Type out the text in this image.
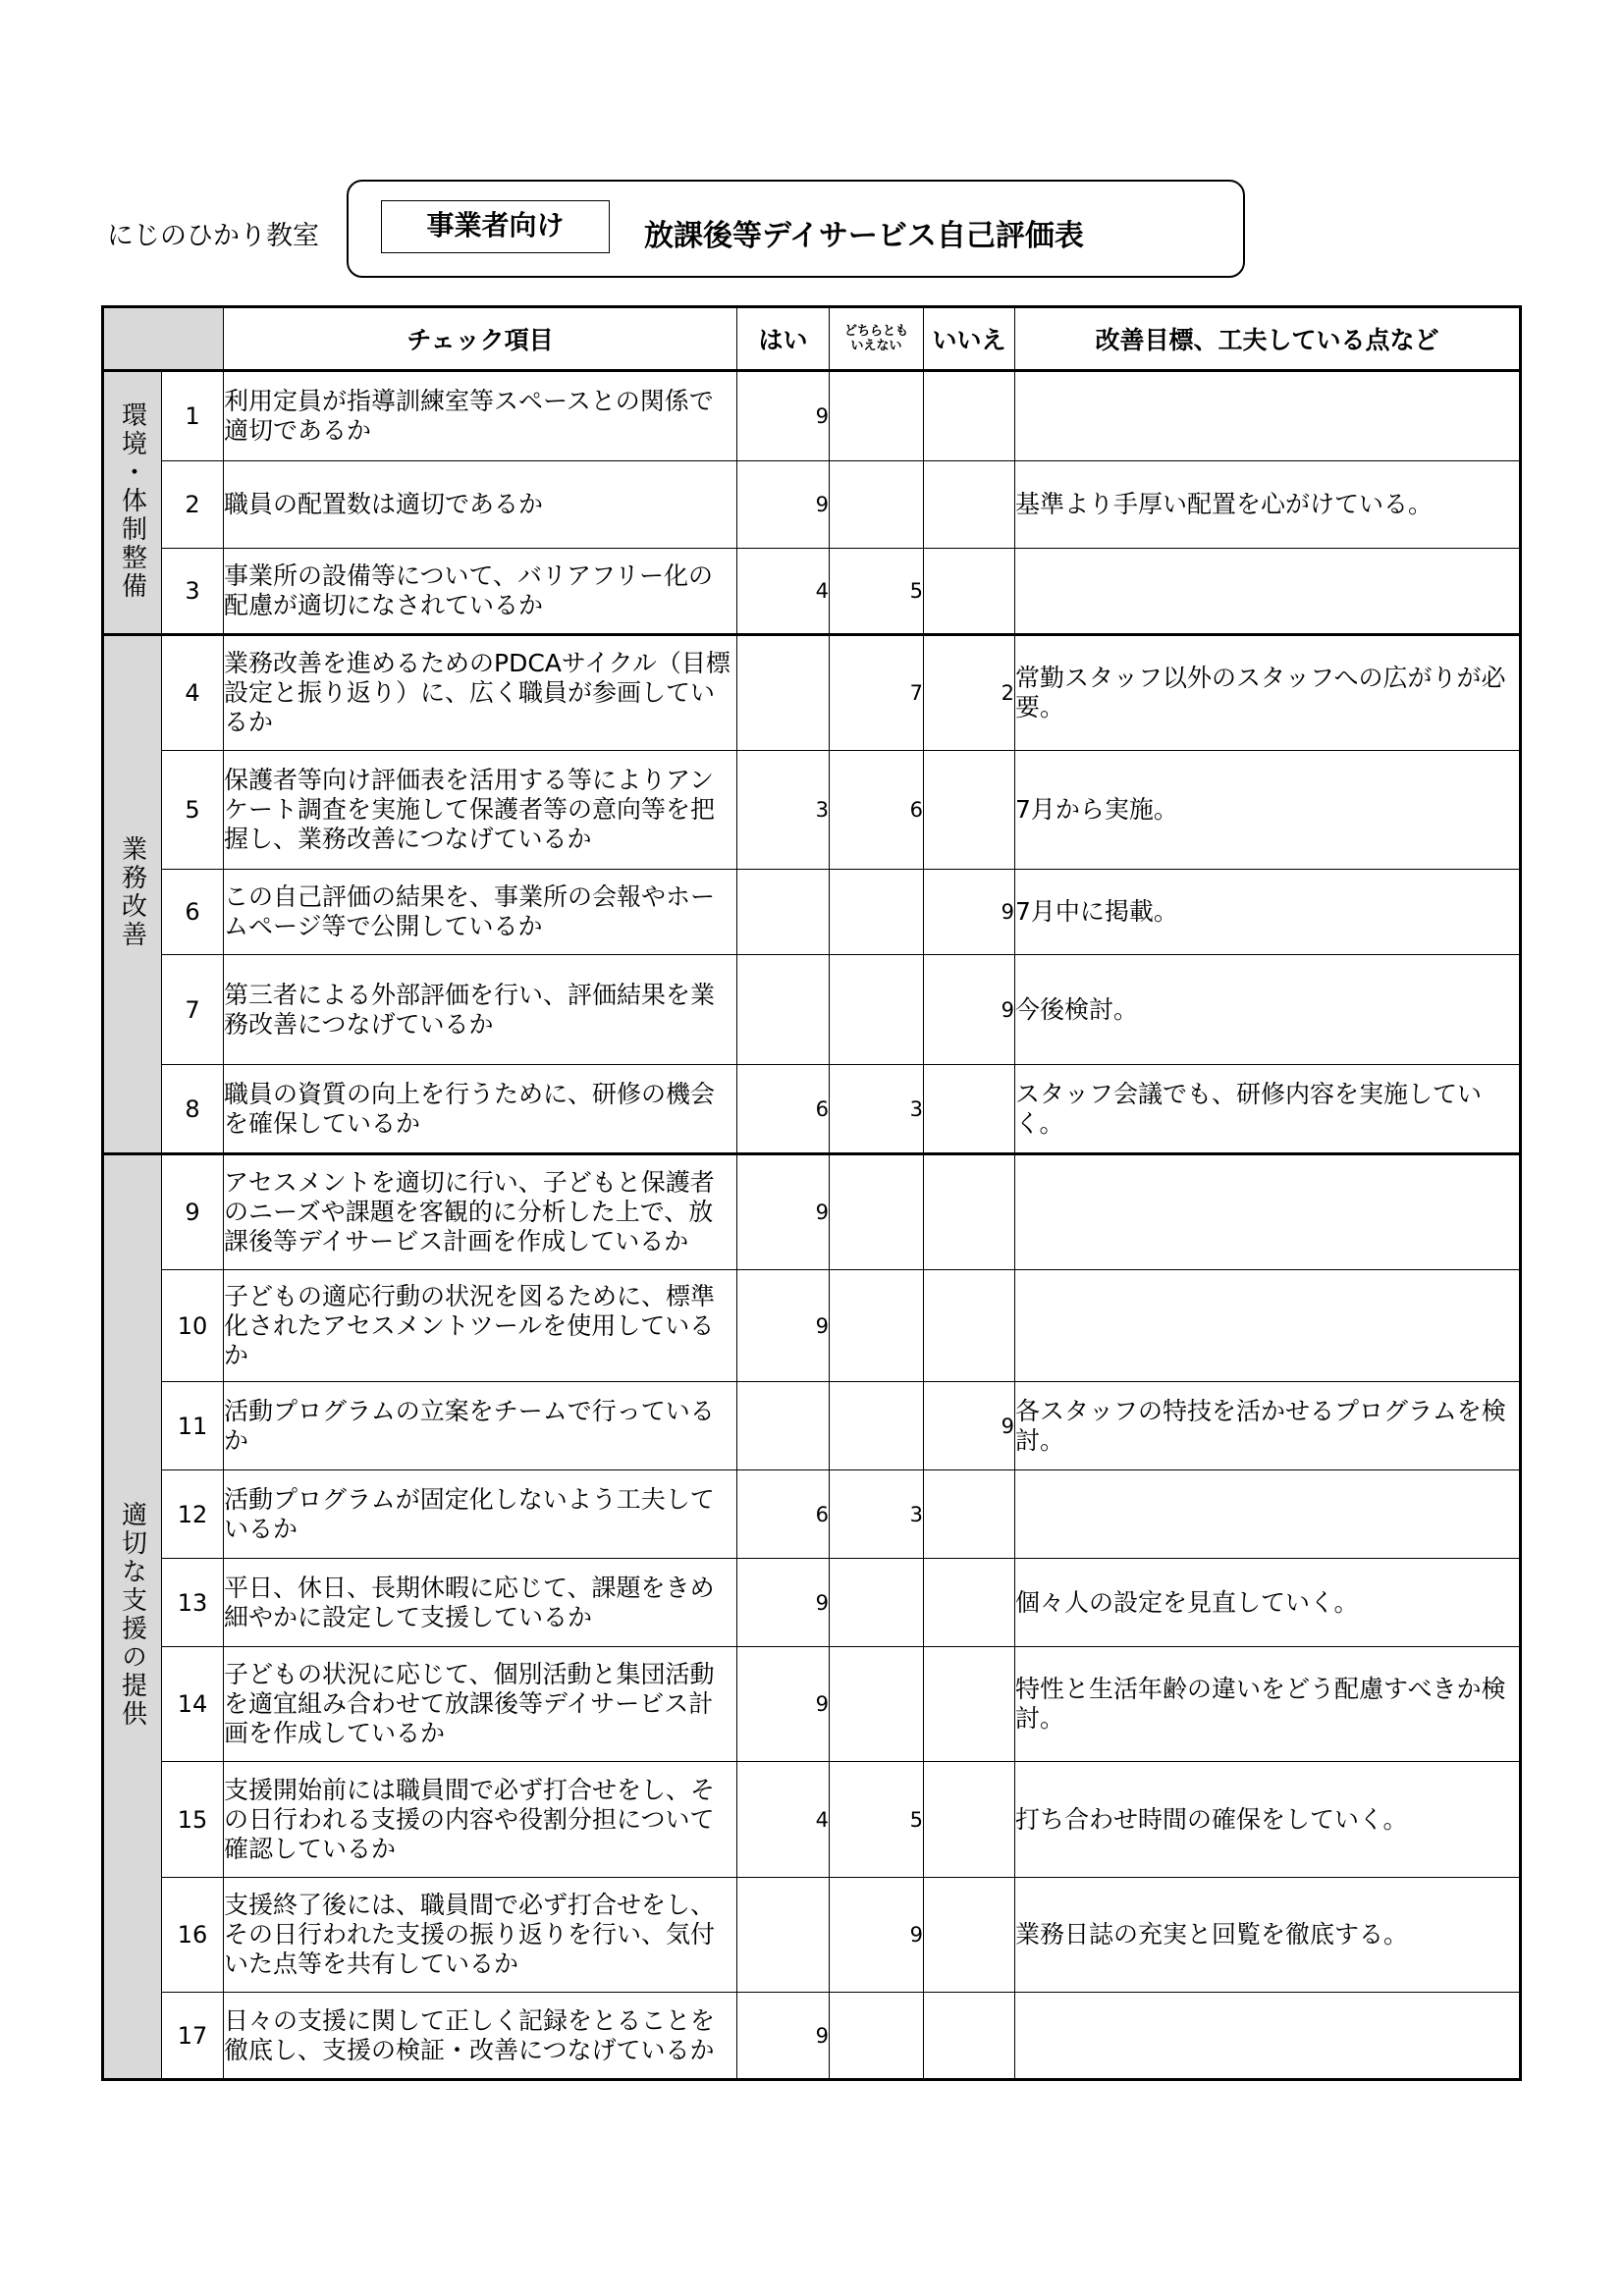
にじのひかり教室	事業者向け	放課後等デイサービス自己評価表
		チェック項目	はい	どちらとも
いえない	いいえ	改善目標、工夫している点など
環境・体制整備	1	利用定員が指導訓練室等スペースとの関係で適切であるか	9			
	2	職員の配置数は適切であるか	9			基準より手厚い配置を心がけている。
	3	事業所の設備等について、バリアフリー化の配慮が適切になされているか	4	5		
業務改善	4	業務改善を進めるためのPDCAサイクル（目標設定と振り返り）に、広く職員が参画しているか		7	2	常勤スタッフ以外のスタッフへの広がりが必要。
	5	保護者等向け評価表を活用する等によりアンケート調査を実施して保護者等の意向等を把握し、業務改善につなげているか	3	6		7月から実施。
	6	この自己評価の結果を、事業所の会報やホームページ等で公開しているか			9	7月中に掲載。
	7	第三者による外部評価を行い、評価結果を業務改善につなげているか			9	今後検討。
	8	職員の資質の向上を行うために、研修の機会を確保しているか	6	3		スタッフ会議でも、研修内容を実施していく。
適切な支援の提供	9	アセスメントを適切に行い、子どもと保護者のニーズや課題を客観的に分析した上で、放課後等デイサービス計画を作成しているか	9			
	10	子どもの適応行動の状況を図るために、標準化されたアセスメントツールを使用しているか	9			
	11	活動プログラムの立案をチームで行っているか			9	各スタッフの特技を活かせるプログラムを検討。
	12	活動プログラムが固定化しないよう工夫しているか	6	3		
	13	平日、休日、長期休暇に応じて、課題をきめ細やかに設定して支援しているか	9			個々人の設定を見直していく。
	14	子どもの状況に応じて、個別活動と集団活動を適宜組み合わせて放課後等デイサービス計画を作成しているか	9			特性と生活年齢の違いをどう配慮すべきか検討。
	15	支援開始前には職員間で必ず打合せをし、その日行われる支援の内容や役割分担について確認しているか	4	5		打ち合わせ時間の確保をしていく。
	16	支援終了後には、職員間で必ず打合せをし、その日行われた支援の振り返りを行い、気付いた点等を共有しているか		9		業務日誌の充実と回覧を徹底する。
	17	日々の支援に関して正しく記録をとることを徹底し、支援の検証・改善につなげているか	9			
